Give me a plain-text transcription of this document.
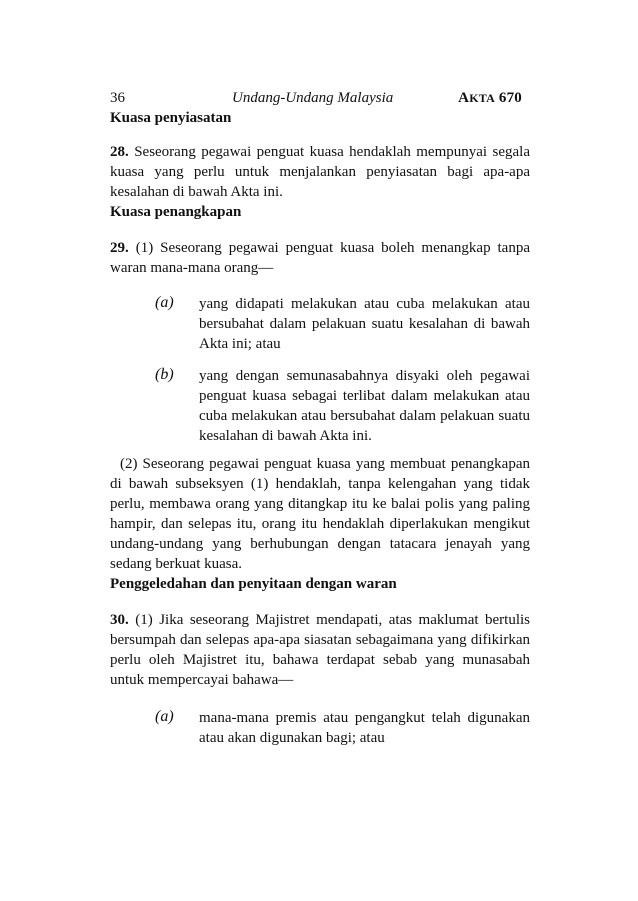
36	Undang-Undang Malaysia	AKTA 670
Kuasa penyiasatan

28. Seseorang pegawai penguat kuasa hendaklah mempunyai segala kuasa yang perlu untuk menjalankan penyiasatan bagi apa-apa kesalahan di bawah Akta ini.

Kuasa penangkapan

29. (1) Seseorang pegawai penguat kuasa boleh menangkap tanpa waran mana-mana orang—

(a) yang didapati melakukan atau cuba melakukan atau bersubahat dalam pelakuan suatu kesalahan di bawah Akta ini; atau

(b) yang dengan semunasabahnya disyaki oleh pegawai penguat kuasa sebagai terlibat dalam melakukan atau cuba melakukan atau bersubahat dalam pelakuan suatu kesalahan di bawah Akta ini.

(2) Seseorang pegawai penguat kuasa yang membuat penangkapan di bawah subseksyen (1) hendaklah, tanpa kelengahan yang tidak perlu, membawa orang yang ditangkap itu ke balai polis yang paling hampir, dan selepas itu, orang itu hendaklah diperlakukan mengikut undang-undang yang berhubungan dengan tatacara jenayah yang sedang berkuat kuasa.

Penggeledahan dan penyitaan dengan waran

30. (1) Jika seseorang Majistret mendapati, atas maklumat bertulis bersumpah dan selepas apa-apa siasatan sebagaimana yang difikirkan perlu oleh Majistret itu, bahawa terdapat sebab yang munasabah untuk mempercayai bahawa—

(a) mana-mana premis atau pengangkut telah digunakan atau akan digunakan bagi; atau
